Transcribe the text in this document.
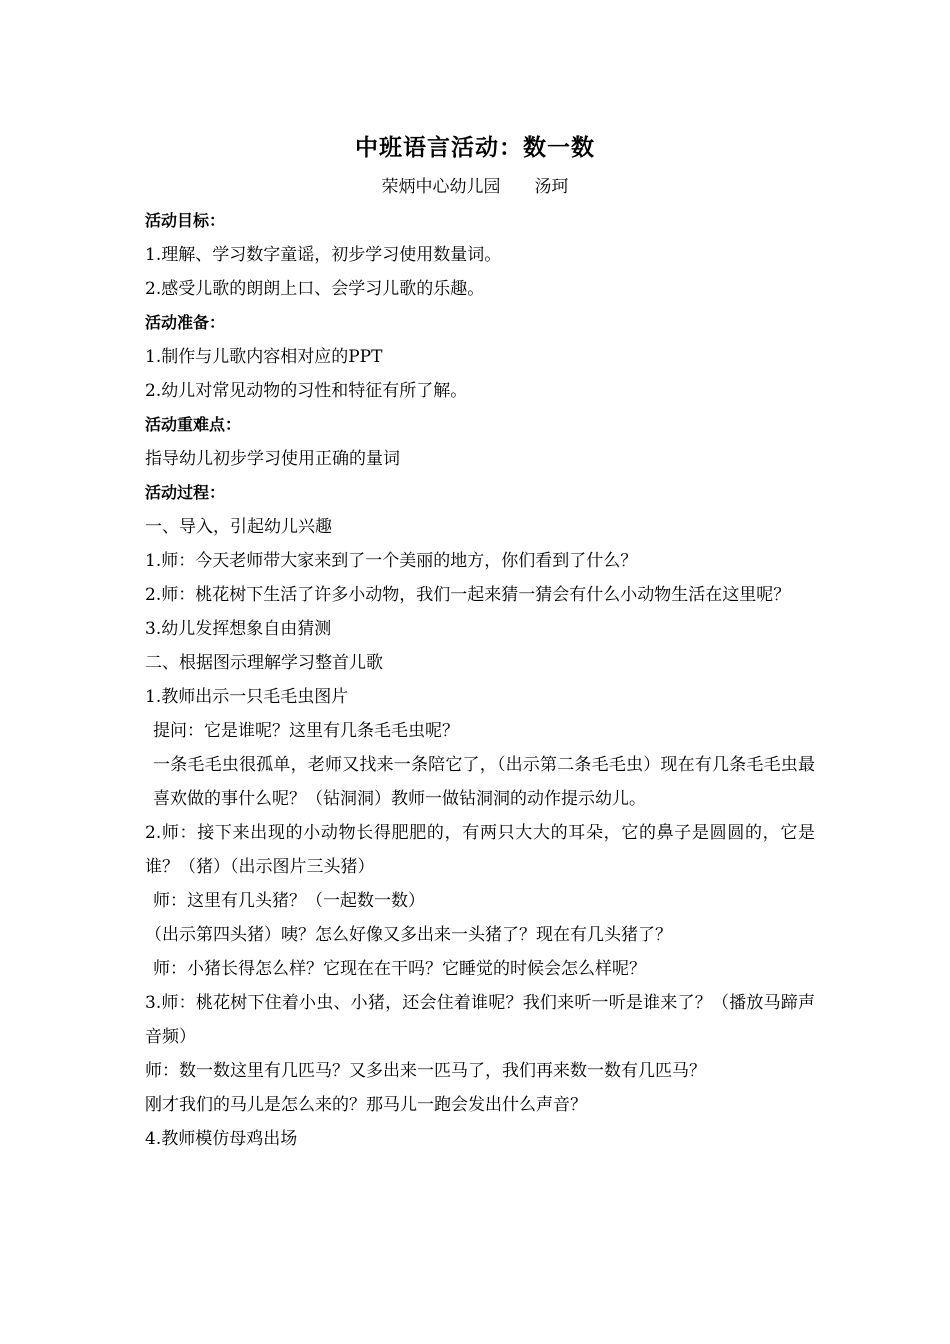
中班语言活动：数一数
荣炳中心幼儿园 汤珂
活动目标：
1.理解、学习数字童谣，初步学习使用数量词。
2.感受儿歌的朗朗上口、会学习儿歌的乐趣。
活动准备：
1.制作与儿歌内容相对应的PPT
2.幼儿对常见动物的习性和特征有所了解。
活动重难点：
指导幼儿初步学习使用正确的量词
活动过程：
一、导入，引起幼儿兴趣
1.师：今天老师带大家来到了一个美丽的地方，你们看到了什么？
2.师：桃花树下生活了许多小动物，我们一起来猜一猜会有什么小动物生活在这里呢？
3.幼儿发挥想象自由猜测
二、根据图示理解学习整首儿歌
1.教师出示一只毛毛虫图片
提问：它是谁呢？这里有几条毛毛虫呢？
一条毛毛虫很孤单，老师又找来一条陪它了，（出示第二条毛毛虫）现在有几条毛毛虫最喜欢做的事什么呢？（钻洞洞）教师一做钻洞洞的动作提示幼儿。
2.师：接下来出现的小动物长得肥肥的，有两只大大的耳朵，它的鼻子是圆圆的，它是谁？（猪）（出示图片三头猪）
师：这里有几头猪？（一起数一数）
（出示第四头猪）咦？怎么好像又多出来一头猪了？现在有几头猪了？
师：小猪长得怎么样？它现在在干吗？它睡觉的时候会怎么样呢？
3.师：桃花树下住着小虫、小猪，还会住着谁呢？我们来听一听是谁来了？（播放马蹄声音频）
师：数一数这里有几匹马？又多出来一匹马了，我们再来数一数有几匹马？
刚才我们的马儿是怎么来的？那马儿一跑会发出什么声音？
4.教师模仿母鸡出场
